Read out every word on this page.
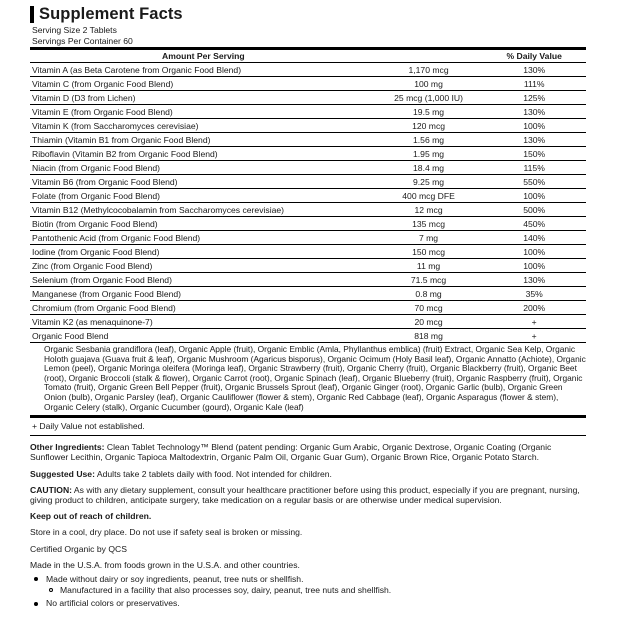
Supplement Facts
Serving Size 2 Tablets
Servings Per Container 60
Amount Per Serving		% Daily Value
Vitamin A (as Beta Carotene from Organic Food Blend)	1,170 mcg	130%
Vitamin C (from Organic Food Blend)	100 mg	111%
Vitamin D (D3 from Lichen)	25 mcg (1,000 IU)	125%
Vitamin E (from Organic Food Blend)	19.5 mg	130%
Vitamin K (from Saccharomyces cerevisiae)	120 mcg	100%
Thiamin (Vitamin B1 from Organic Food Blend)	1.56 mg	130%
Riboflavin (Vitamin B2 from Organic Food Blend)	1.95 mg	150%
Niacin (from Organic Food Blend)	18.4 mg	115%
Vitamin B6 (from Organic Food Blend)	9.25 mg	550%
Folate (from Organic Food Blend)	400 mcg DFE	100%
Vitamin B12 (Methylcocobalamin from Saccharomyces cerevisiae)	12 mcg	500%
Biotin (from Organic Food Blend)	135 mcg	450%
Pantothenic Acid (from Organic Food Blend)	7 mg	140%
Iodine (from Organic Food Blend)	150 mcg	100%
Zinc (from Organic Food Blend)	11 mg	100%
Selenium (from Organic Food Blend)	71.5 mcg	130%
Manganese (from Organic Food Blend)	0.8 mg	35%
Chromium (from Organic Food Blend)	70 mcg	200%
Vitamin K2 (as menaquinone-7)	20 mcg	+
Organic Food Blend	818 mg	+
Organic Sesbania grandiflora (leaf), Organic Apple (fruit), Organic Emblic (Amla, Phyllanthus emblica) (fruit) Extract, Organic Sea Kelp, Organic Holoth guajava (Guava fruit & leaf), Organic Mushroom (Agaricus bisporus), Organic Ocimum (Holy Basil leaf), Organic Annatto (Achiote), Organic Lemon (peel), Organic Moringa oleifera (Moringa leaf), Organic Strawberry (fruit), Organic Cherry (fruit), Organic Blackberry (fruit), Organic Beet (root), Organic Broccoli (stalk & flower), Organic Carrot (root), Organic Spinach (leaf), Organic Blueberry (fruit), Organic Raspberry (fruit), Organic Tomato (fruit), Organic Green Bell Pepper (fruit), Organic Brussels Sprout (leaf), Organic Ginger (root), Organic Garlic (bulb), Organic Green Onion (bulb), Organic Parsley (leaf), Organic Cauliflower (flower & stem), Organic Red Cabbage (leaf), Organic Asparagus (flower & stem), Organic Celery (stalk), Organic Cucumber (gourd), Organic Kale (leaf)		
+ Daily Value not established.
Other Ingredients: Clean Tablet Technology™ Blend (patent pending: Organic Gum Arabic, Organic Dextrose, Organic Coating (Organic Sunflower Lecithin, Organic Tapioca Maltodextrin, Organic Palm Oil, Organic Guar Gum), Organic Brown Rice, Organic Potato Starch.
Suggested Use: Adults take 2 tablets daily with food. Not intended for children.
CAUTION: As with any dietary supplement, consult your healthcare practitioner before using this product, especially if you are pregnant, nursing, giving product to children, anticipate surgery, take medication on a regular basis or are otherwise under medical supervision.
Keep out of reach of children.
Store in a cool, dry place. Do not use if safety seal is broken or missing.
Certified Organic by QCS
Made in the U.S.A. from foods grown in the U.S.A. and other countries.
Made without dairy or soy ingredients, peanut, tree nuts or shellfish.
Manufactured in a facility that also processes soy, dairy, peanut, tree nuts and shellfish.
No artificial colors or preservatives.
